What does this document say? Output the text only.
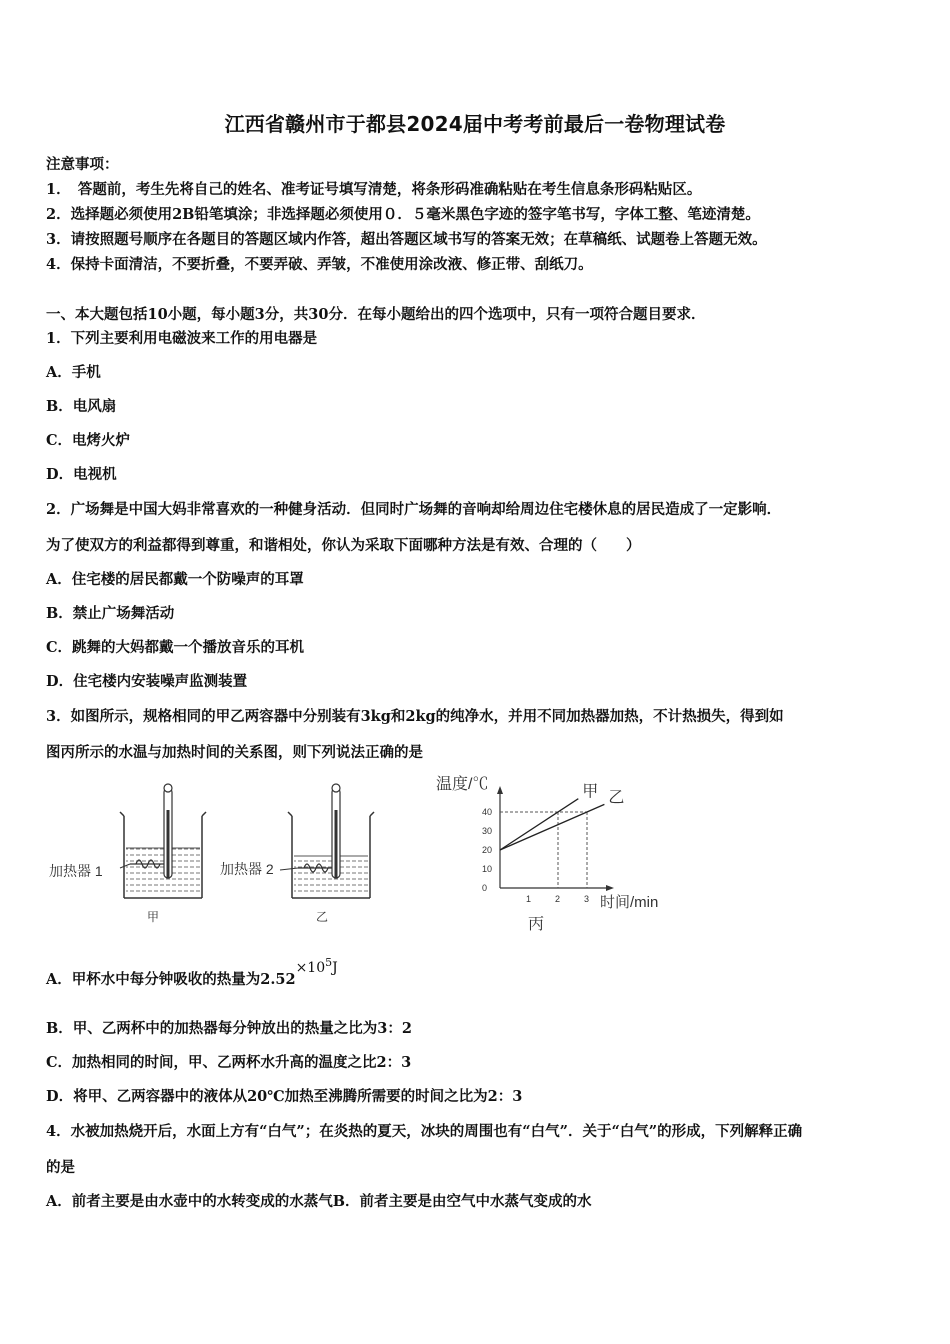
江西省赣州市于都县2024届中考考前最后一卷物理试卷
注意事项：
1．　答题前，考生先将自己的姓名、准考证号填写清楚，将条形码准确粘贴在考生信息条形码粘贴区。
2．选择题必须使用2B铅笔填涂；非选择题必须使用０．５毫米黑色字迹的签字笔书写，字体工整、笔迹清楚。
3．请按照题号顺序在各题目的答题区域内作答，超出答题区域书写的答案无效；在草稿纸、试题卷上答题无效。
4．保持卡面清洁，不要折叠，不要弄破、弄皱，不准使用涂改液、修正带、刮纸刀。
一、本大题包括10小题，每小题3分，共30分．在每小题给出的四个选项中，只有一项符合题目要求．
1．下列主要利用电磁波来工作的用电器是
A．手机
B．电风扇
C．电烤火炉
D．电视机
2．广场舞是中国大妈非常喜欢的一种健身活动．但同时广场舞的音响却给周边住宅楼休息的居民造成了一定影响．
为了使双方的利益都得到尊重，和谐相处，你认为采取下面哪种方法是有效、合理的（　　）
A．住宅楼的居民都戴一个防噪声的耳罩
B．禁止广场舞活动
C．跳舞的大妈都戴一个播放音乐的耳机
D．住宅楼内安装噪声监测装置
3．如图所示，规格相同的甲乙两容器中分别装有3kg和2kg的纯净水，并用不同加热器加热，不计热损失，得到如
图丙所示的水温与加热时间的关系图，则下列说法正确的是
加热器 1
甲
加热器 2
乙
温度/℃
时间/min
丙
0
10
20
30
40
1	2	3
甲 乙
A．甲杯水中每分钟吸收的热量为$2.52\times 10^5J$
B．甲、乙两杯中的加热器每分钟放出的热量之比为3：2
C．加热相同的时间，甲、乙两杯水升高的温度之比2：3
D．将甲、乙两容器中的液体从20℃加热至沸腾所需要的时间之比为2：3
4．水被加热烧开后，水面上方有“白气”；在炎热的夏天，冰块的周围也有“白气”．关于“白气”的形成，下列解释正确
的是
A．前者主要是由水壶中的水转变成的水蒸气B．前者主要是由空气中水蒸气变成的水
